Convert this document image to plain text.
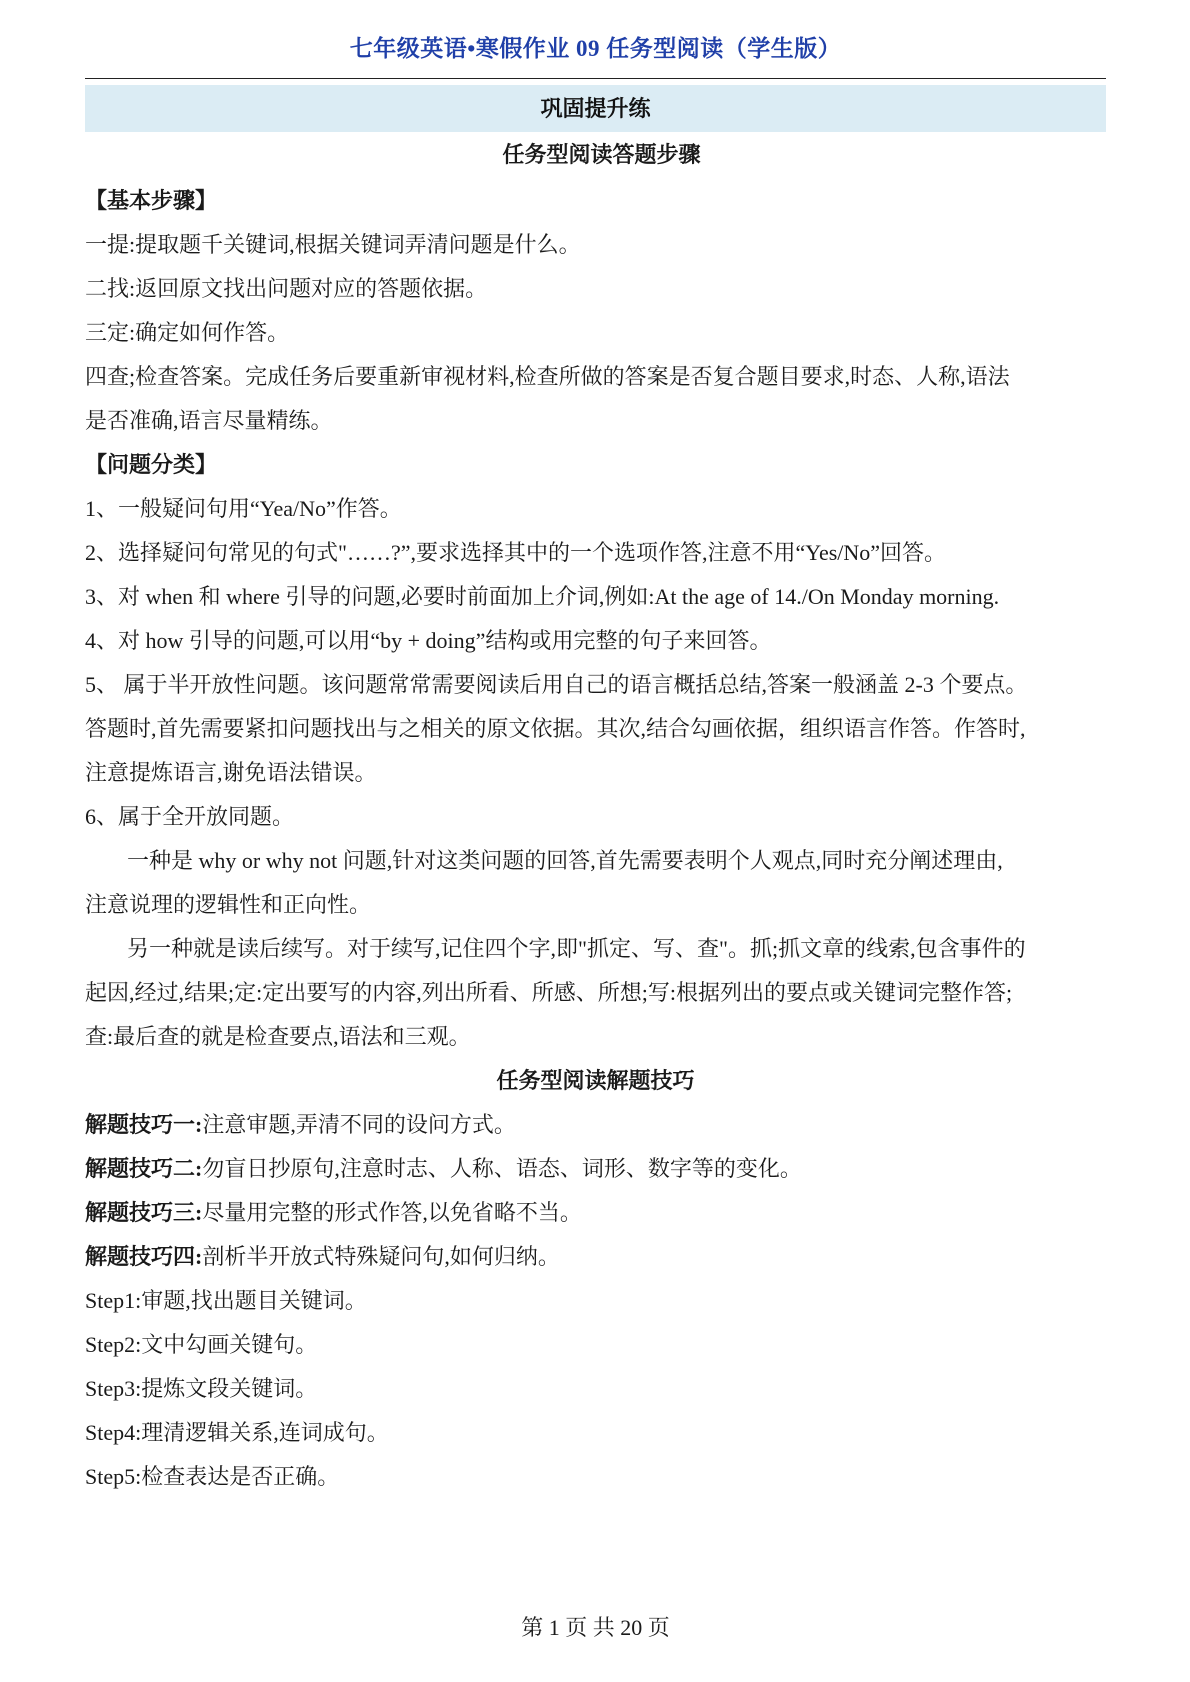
七年级英语•寒假作业 09 任务型阅读（学生版）
巩固提升练
任务型阅读答题步骤
【基本步骤】
一提:提取题千关键词,根据关键词弄清问题是什么。
二找:返回原文找出问题对应的答题依据。
三定:确定如何作答。
四查;检查答案。完成任务后要重新审视材料,检查所做的答案是否复合题目要求,时态、人称,语法
是否准确,语言尽量精练。
【问题分类】
1、一般疑问句用“Yea/No”作答。
2、选择疑问句常见的句式"……?”,要求选择其中的一个选项作答,注意不用“Yes/No”回答。
3、对 when 和 where 引导的问题,必要时前面加上介词,例如:At the age of 14./On Monday morning.
4、对 how 引导的问题,可以用“by + doing”结构或用完整的句子来回答。
5、 属于半开放性问题。该问题常常需要阅读后用自己的语言概括总结,答案一般涵盖 2-3 个要点。
答题时,首先需要紧扣问题找出与之相关的原文依据。其次,结合勾画依据，组织语言作答。作答时,
注意提炼语言,谢免语法错误。
6、属于全开放同题。
一种是 why or why not 问题,针对这类问题的回答,首先需要表明个人观点,同时充分阐述理由,
注意说理的逻辑性和正向性。
另一种就是读后续写。对于续写,记住四个字,即"抓定、写、查"。抓;抓文章的线索,包含事件的
起因,经过,结果;定:定出要写的内容,列出所看、所感、所想;写:根据列出的要点或关键词完整作答;
查:最后查的就是检查要点,语法和三观。
任务型阅读解题技巧
解题技巧一:注意审题,弄清不同的设问方式。
解题技巧二:勿盲日抄原句,注意时志、人称、语态、词形、数字等的变化。
解题技巧三:尽量用完整的形式作答,以免省略不当。
解题技巧四:剖析半开放式特殊疑问句,如何归纳。
Step1:审题,找出题目关键词。
Step2:文中勾画关键句。
Step3:提炼文段关键词。
Step4:理清逻辑关系,连词成句。
Step5:检查表达是否正确。
第 1 页 共 20 页
